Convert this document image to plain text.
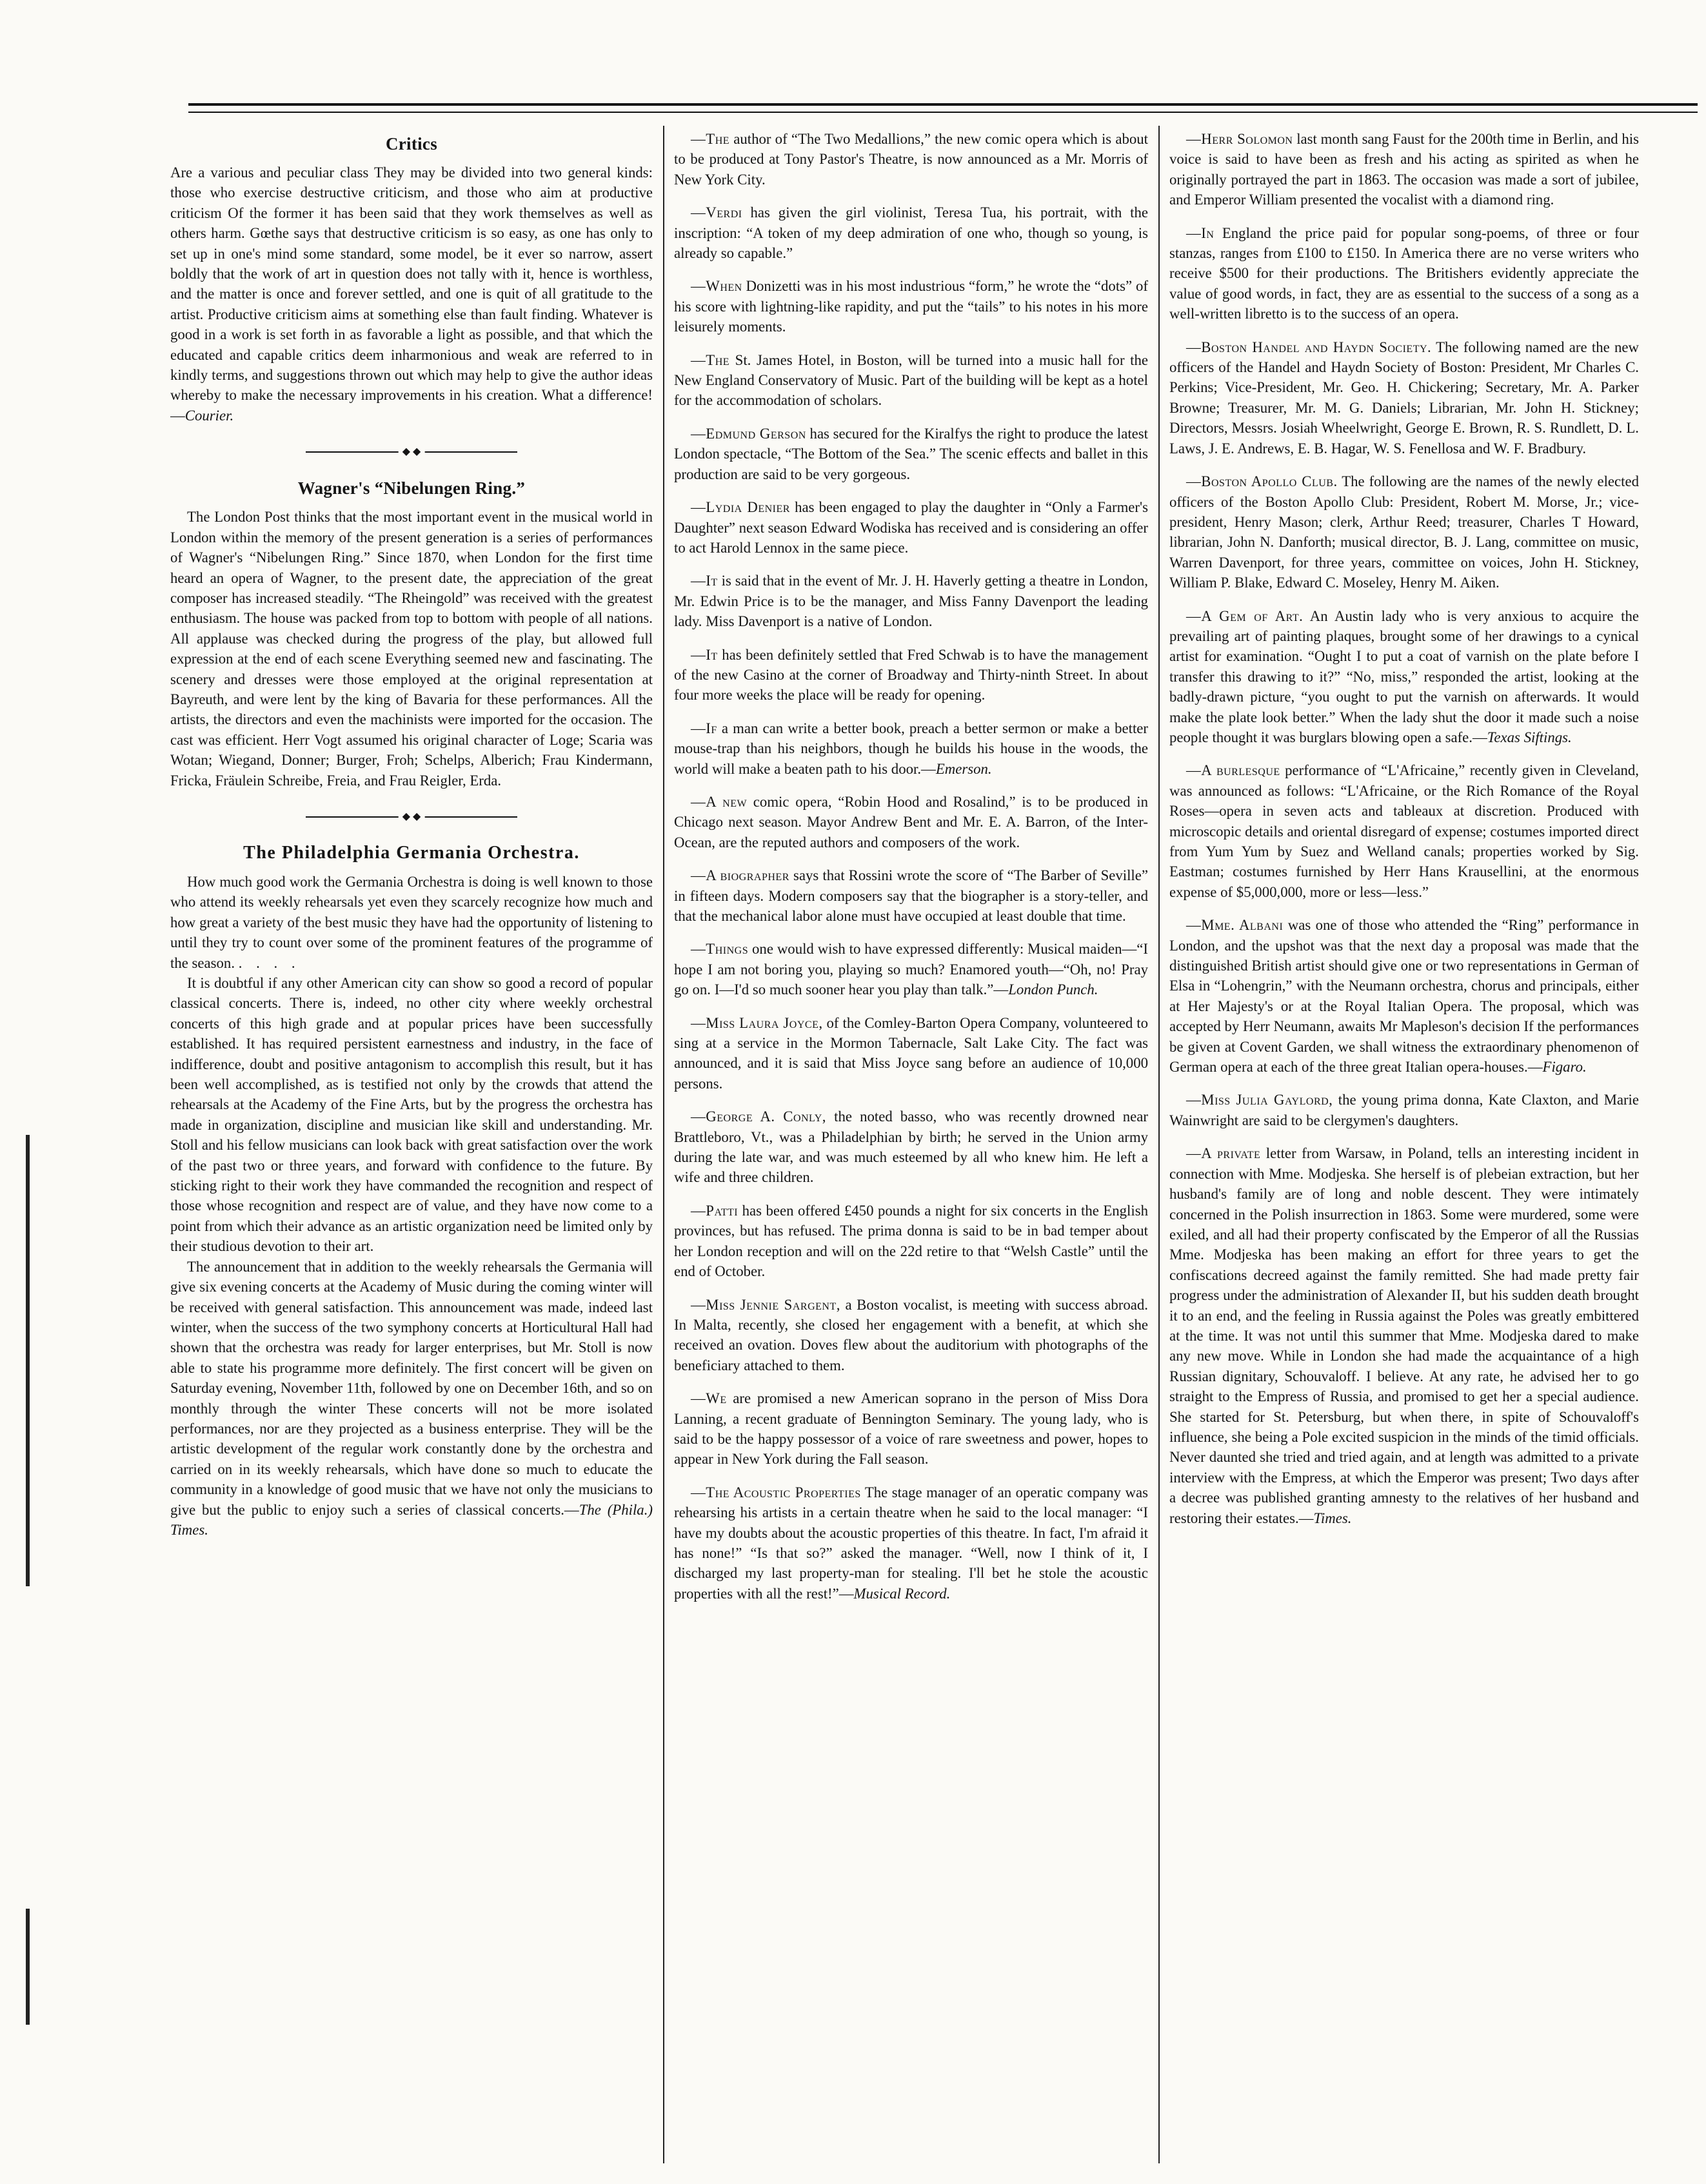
Critics

Are a various and peculiar class They may be divided into two general kinds: those who exercise destructive criticism, and those who aim at productive criticism Of the former it has been said that they work themselves as well as others harm. Gœthe says that destructive criticism is so easy, as one has only to set up in one's mind some standard, some model, be it ever so narrow, assert boldly that the work of art in question does not tally with it, hence is worthless, and the matter is once and forever settled, and one is quit of all gratitude to the artist. Productive criticism aims at something else than fault finding. Whatever is good in a work is set forth in as favorable a light as possible, and that which the educated and capable critics deem inharmonious and weak are referred to in kindly terms, and suggestions thrown out which may help to give the author ideas whereby to make the necessary improvements in his creation. What a difference!—Courier.

◆ ◆
Wagner's “Nibelungen Ring.”

The London Post thinks that the most important event in the musical world in London within the memory of the present generation is a series of performances of Wagner's “Nibelungen Ring.” Since 1870, when London for the first time heard an opera of Wagner, to the present date, the appreciation of the great composer has increased steadily. “The Rheingold” was received with the greatest enthusiasm. The house was packed from top to bottom with people of all nations. All applause was checked during the progress of the play, but allowed full expression at the end of each scene Everything seemed new and fascinating. The scenery and dresses were those employed at the original representation at Bayreuth, and were lent by the king of Bavaria for these performances. All the artists, the directors and even the machinists were imported for the occasion. The cast was efficient. Herr Vogt assumed his original character of Loge; Scaria was Wotan; Wiegand, Donner; Burger, Froh; Schelps, Alberich; Frau Kindermann, Fricka, Fräulein Schreibe, Freia, and Frau Reigler, Erda.

◆ ◆
The Philadelphia Germania Orchestra.

How much good work the Germania Orchestra is doing is well known to those who attend its weekly rehearsals yet even they scarcely recognize how much and how great a variety of the best music they have had the opportunity of listening to until they try to count over some of the prominent features of the programme of the season. . . . .

It is doubtful if any other American city can show so good a record of popular classical concerts. There is, indeed, no other city where weekly orchestral concerts of this high grade and at popular prices have been successfully established. It has required persistent earnestness and industry, in the face of indifference, doubt and positive antagonism to accomplish this result, but it has been well accomplished, as is testified not only by the crowds that attend the rehearsals at the Academy of the Fine Arts, but by the progress the orchestra has made in organization, discipline and musician like skill and understanding. Mr. Stoll and his fellow musicians can look back with great satisfaction over the work of the past two or three years, and forward with confidence to the future. By sticking right to their work they have commanded the recognition and respect of those whose recognition and respect are of value, and they have now come to a point from which their advance as an artistic organization need be limited only by their studious devotion to their art.

The announcement that in addition to the weekly rehearsals the Germania will give six evening concerts at the Academy of Music during the coming winter will be received with general satisfaction. This announcement was made, indeed last winter, when the success of the two symphony concerts at Horticultural Hall had shown that the orchestra was ready for larger enterprises, but Mr. Stoll is now able to state his programme more definitely. The first concert will be given on Saturday evening, November 11th, followed by one on December 16th, and so on monthly through the winter These concerts will not be more isolated performances, nor are they projected as a business enterprise. They will be the artistic development of the regular work constantly done by the orchestra and carried on in its weekly rehearsals, which have done so much to educate the community in a knowledge of good music that we have not only the musicians to give but the public to enjoy such a series of classical concerts.—The (Phila.) Times.

—The author of “The Two Medallions,” the new comic opera which is about to be produced at Tony Pastor's Theatre, is now announced as a Mr. Morris of New York City.

—Verdi has given the girl violinist, Teresa Tua, his portrait, with the inscription: “A token of my deep admiration of one who, though so young, is already so capable.”

—When Donizetti was in his most industrious “form,” he wrote the “dots” of his score with lightning-like rapidity, and put the “tails” to his notes in his more leisurely moments.

—The St. James Hotel, in Boston, will be turned into a music hall for the New England Conservatory of Music. Part of the building will be kept as a hotel for the accommodation of scholars.

—Edmund Gerson has secured for the Kiralfys the right to produce the latest London spectacle, “The Bottom of the Sea.” The scenic effects and ballet in this production are said to be very gorgeous.

—Lydia Denier has been engaged to play the daughter in “Only a Farmer's Daughter” next season Edward Wodiska has received and is considering an offer to act Harold Lennox in the same piece.

—It is said that in the event of Mr. J. H. Haverly getting a theatre in London, Mr. Edwin Price is to be the manager, and Miss Fanny Davenport the leading lady. Miss Davenport is a native of London.

—It has been definitely settled that Fred Schwab is to have the management of the new Casino at the corner of Broadway and Thirty-ninth Street. In about four more weeks the place will be ready for opening.

—If a man can write a better book, preach a better sermon or make a better mouse-trap than his neighbors, though he builds his house in the woods, the world will make a beaten path to his door.—Emerson.

—A new comic opera, “Robin Hood and Rosalind,” is to be produced in Chicago next season. Mayor Andrew Bent and Mr. E. A. Barron, of the Inter-Ocean, are the reputed authors and composers of the work.

—A biographer says that Rossini wrote the score of “The Barber of Seville” in fifteen days. Modern composers say that the biographer is a story-teller, and that the mechanical labor alone must have occupied at least double that time.

—Things one would wish to have expressed differently: Musical maiden—“I hope I am not boring you, playing so much? Enamored youth—“Oh, no! Pray go on. I—I'd so much sooner hear you play than talk.”—London Punch.

—Miss Laura Joyce, of the Comley-Barton Opera Company, volunteered to sing at a service in the Mormon Tabernacle, Salt Lake City. The fact was announced, and it is said that Miss Joyce sang before an audience of 10,000 persons.

—George A. Conly, the noted basso, who was recently drowned near Brattleboro, Vt., was a Philadelphian by birth; he served in the Union army during the late war, and was much esteemed by all who knew him. He left a wife and three children.

—Patti has been offered £450 pounds a night for six concerts in the English provinces, but has refused. The prima donna is said to be in bad temper about her London reception and will on the 22d retire to that “Welsh Castle” until the end of October.

—Miss Jennie Sargent, a Boston vocalist, is meeting with success abroad. In Malta, recently, she closed her engagement with a benefit, at which she received an ovation. Doves flew about the auditorium with photographs of the beneficiary attached to them.

—We are promised a new American soprano in the person of Miss Dora Lanning, a recent graduate of Bennington Seminary. The young lady, who is said to be the happy possessor of a voice of rare sweetness and power, hopes to appear in New York during the Fall season.

—The Acoustic Properties The stage manager of an operatic company was rehearsing his artists in a certain theatre when he said to the local manager: “I have my doubts about the acoustic properties of this theatre. In fact, I'm afraid it has none!” “Is that so?” asked the manager. “Well, now I think of it, I discharged my last property-man for stealing. I'll bet he stole the acoustic properties with all the rest!”—Musical Record.

—Herr Solomon last month sang Faust for the 200th time in Berlin, and his voice is said to have been as fresh and his acting as spirited as when he originally portrayed the part in 1863. The occasion was made a sort of jubilee, and Emperor William presented the vocalist with a diamond ring.

—In England the price paid for popular song-poems, of three or four stanzas, ranges from £100 to £150. In America there are no verse writers who receive $500 for their productions. The Britishers evidently appreciate the value of good words, in fact, they are as essential to the success of a song as a well-written libretto is to the success of an opera.

—Boston Handel and Haydn Society. The following named are the new officers of the Handel and Haydn Society of Boston: President, Mr Charles C. Perkins; Vice-President, Mr. Geo. H. Chickering; Secretary, Mr. A. Parker Browne; Treasurer, Mr. M. G. Daniels; Librarian, Mr. John H. Stickney; Directors, Messrs. Josiah Wheelwright, George E. Brown, R. S. Rundlett, D. L. Laws, J. E. Andrews, E. B. Hagar, W. S. Fenellosa and W. F. Bradbury.

—Boston Apollo Club. The following are the names of the newly elected officers of the Boston Apollo Club: President, Robert M. Morse, Jr.; vice-president, Henry Mason; clerk, Arthur Reed; treasurer, Charles T Howard, librarian, John N. Danforth; musical director, B. J. Lang, committee on music, Warren Davenport, for three years, committee on voices, John H. Stickney, William P. Blake, Edward C. Moseley, Henry M. Aiken.

—A Gem of Art. An Austin lady who is very anxious to acquire the prevailing art of painting plaques, brought some of her drawings to a cynical artist for examination. “Ought I to put a coat of varnish on the plate before I transfer this drawing to it?” “No, miss,” responded the artist, looking at the badly-drawn picture, “you ought to put the varnish on afterwards. It would make the plate look better.” When the lady shut the door it made such a noise people thought it was burglars blowing open a safe.—Texas Siftings.

—A burlesque performance of “L'Africaine,” recently given in Cleveland, was announced as follows: “L'Africaine, or the Rich Romance of the Royal Roses—opera in seven acts and tableaux at discretion. Produced with microscopic details and oriental disregard of expense; costumes imported direct from Yum Yum by Suez and Welland canals; properties worked by Sig. Eastman; costumes furnished by Herr Hans Krausellini, at the enormous expense of $5,000,000, more or less—less.”

—Mme. Albani was one of those who attended the “Ring” performance in London, and the upshot was that the next day a proposal was made that the distinguished British artist should give one or two representations in German of Elsa in “Lohengrin,” with the Neumann orchestra, chorus and principals, either at Her Majesty's or at the Royal Italian Opera. The proposal, which was accepted by Herr Neumann, awaits Mr Mapleson's decision If the performances be given at Covent Garden, we shall witness the extraordinary phenomenon of German opera at each of the three great Italian opera-houses.—Figaro.

—Miss Julia Gaylord, the young prima donna, Kate Claxton, and Marie Wainwright are said to be clergymen's daughters.

—A private letter from Warsaw, in Poland, tells an interesting incident in connection with Mme. Modjeska. She herself is of plebeian extraction, but her husband's family are of long and noble descent. They were intimately concerned in the Polish insurrection in 1863. Some were murdered, some were exiled, and all had their property confiscated by the Emperor of all the Russias Mme. Modjeska has been making an effort for three years to get the confiscations decreed against the family remitted. She had made pretty fair progress under the administration of Alexander II, but his sudden death brought it to an end, and the feeling in Russia against the Poles was greatly embittered at the time. It was not until this summer that Mme. Modjeska dared to make any new move. While in London she had made the acquaintance of a high Russian dignitary, Schouvaloff. I believe. At any rate, he advised her to go straight to the Empress of Russia, and promised to get her a special audience. She started for St. Petersburg, but when there, in spite of Schouvaloff's influence, she being a Pole excited suspicion in the minds of the timid officials. Never daunted she tried and tried again, and at length was admitted to a private interview with the Empress, at which the Emperor was present; Two days after a decree was published granting amnesty to the relatives of her husband and restoring their estates.—Times.
